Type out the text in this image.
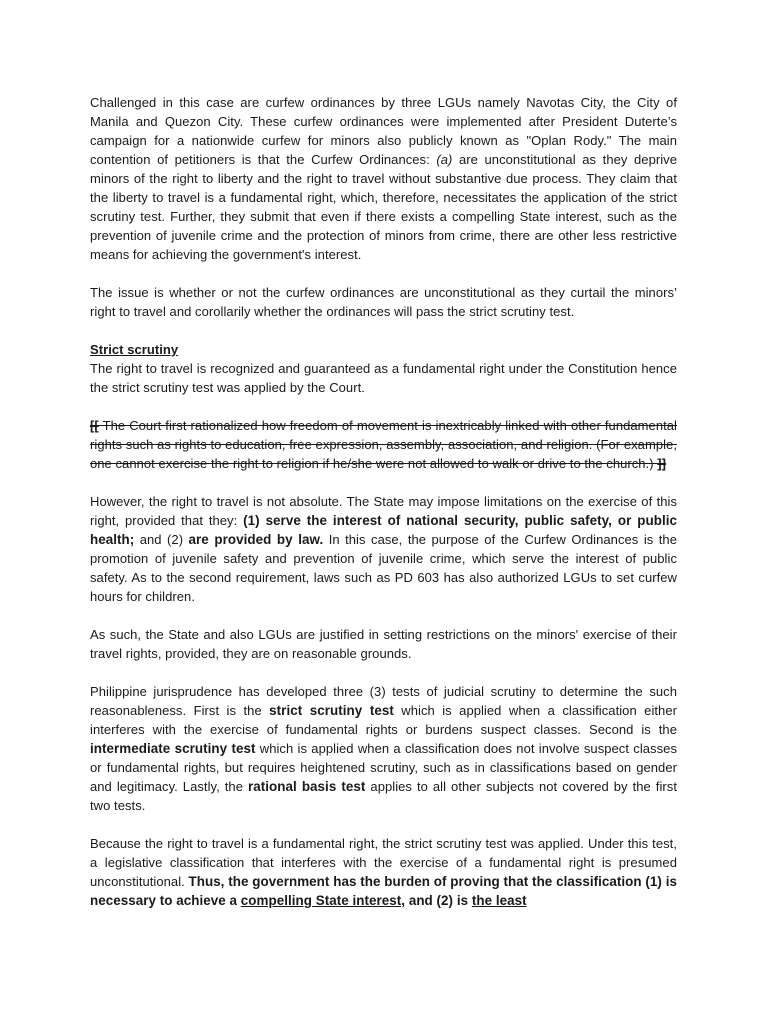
Challenged in this case are curfew ordinances by three LGUs namely Navotas City, the City of Manila and Quezon City. These curfew ordinances were implemented after President Duterte’s campaign for a nationwide curfew for minors also publicly known as "Oplan Rody." The main contention of petitioners is that the Curfew Ordinances: (a) are unconstitutional as they deprive minors of the right to liberty and the right to travel without substantive due process. They claim that the liberty to travel is a fundamental right, which, therefore, necessitates the application of the strict scrutiny test. Further, they submit that even if there exists a compelling State interest, such as the prevention of juvenile crime and the protection of minors from crime, there are other less restrictive means for achieving the government's interest.

The issue is whether or not the curfew ordinances are unconstitutional as they curtail the minors’ right to travel and corollarily whether the ordinances will pass the strict scrutiny test.

Strict scrutiny

The right to travel is recognized and guaranteed as a fundamental right under the Constitution hence the strict scrutiny test was applied by the Court.

[[ The Court first rationalized how freedom of movement is inextricably linked with other fundamental rights such as rights to education, free expression, assembly, association, and religion. (For example, one cannot exercise the right to religion if he/she were not allowed to walk or drive to the church.) ]]

However, the right to travel is not absolute. The State may impose limitations on the exercise of this right, provided that they: (1) serve the interest of national security, public safety, or public health; and (2) are provided by law. In this case, the purpose of the Curfew Ordinances is the promotion of juvenile safety and prevention of juvenile crime, which serve the interest of public safety. As to the second requirement, laws such as PD 603 has also authorized LGUs to set curfew hours for children.

As such, the State and also LGUs are justified in setting restrictions on the minors' exercise of their travel rights, provided, they are on reasonable grounds.

Philippine jurisprudence has developed three (3) tests of judicial scrutiny to determine the such reasonableness. First is the strict scrutiny test which is applied when a classification either interferes with the exercise of fundamental rights or burdens suspect classes. Second is the intermediate scrutiny test which is applied when a classification does not involve suspect classes or fundamental rights, but requires heightened scrutiny, such as in classifications based on gender and legitimacy. Lastly, the rational basis test applies to all other subjects not covered by the first two tests.

Because the right to travel is a fundamental right, the strict scrutiny test was applied. Under this test, a legislative classification that interferes with the exercise of a fundamental right is presumed unconstitutional. Thus, the government has the burden of proving that the classification (1) is necessary to achieve a compelling State interest, and (2) is the least
